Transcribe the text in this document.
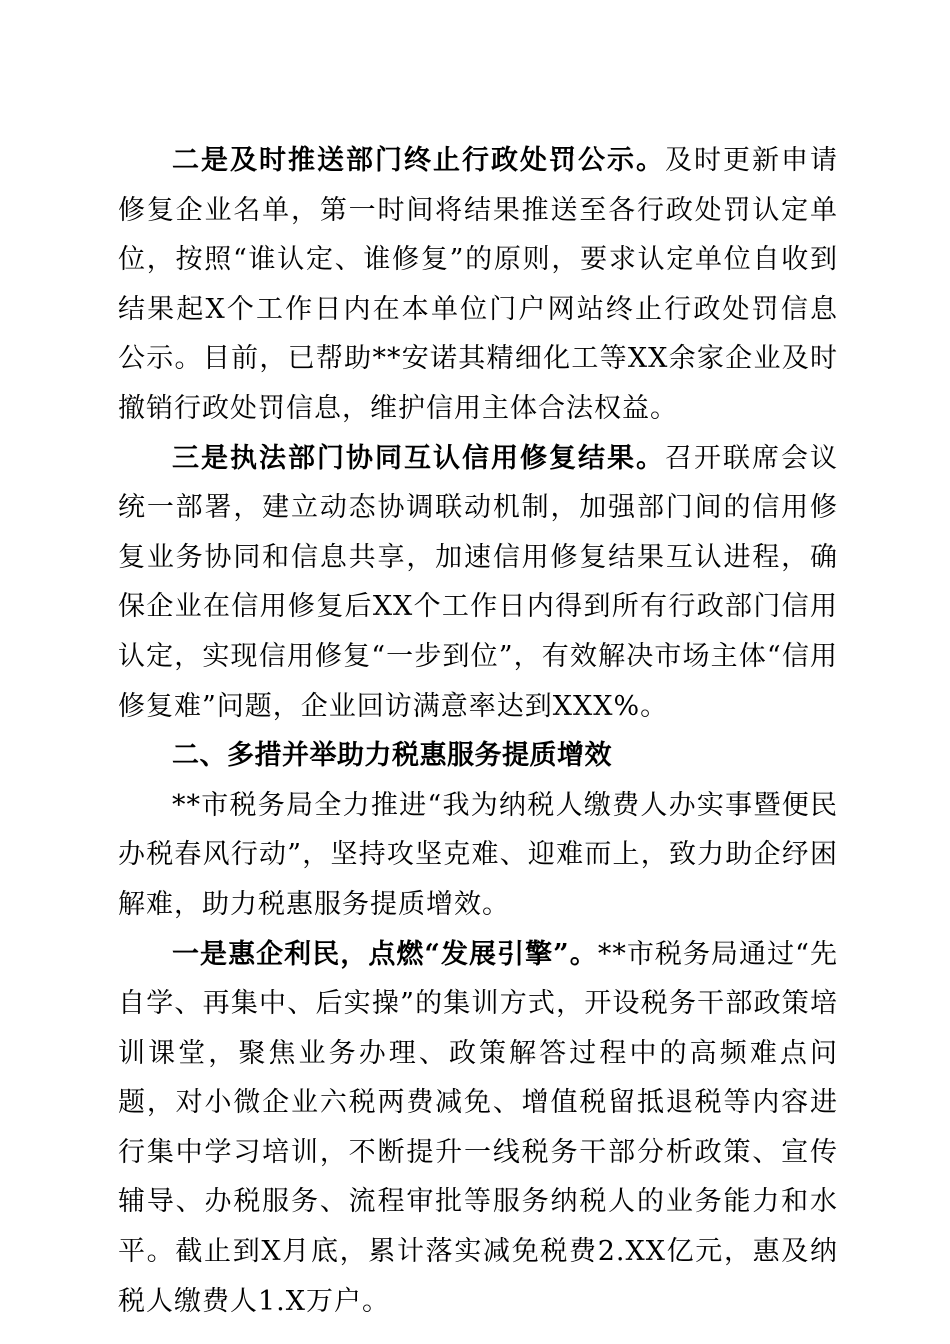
二是及时推送部门终止行政处罚公示。及时更新申请修复企业名单，第一时间将结果推送至各行政处罚认定单位，按照“谁认定、谁修复”的原则，要求认定单位自收到结果起X个工作日内在本单位门户网站终止行政处罚信息公示。目前，已帮助**安诺其精细化工等XX余家企业及时撤销行政处罚信息，维护信用主体合法权益。

三是执法部门协同互认信用修复结果。召开联席会议统一部署，建立动态协调联动机制，加强部门间的信用修复业务协同和信息共享，加速信用修复结果互认进程，确保企业在信用修复后XX个工作日内得到所有行政部门信用认定，实现信用修复“一步到位”，有效解决市场主体“信用修复难”问题，企业回访满意率达到XXX%。

二、多措并举助力税惠服务提质增效

**市税务局全力推进“我为纳税人缴费人办实事暨便民办税春风行动”，坚持攻坚克难、迎难而上，致力助企纾困解难，助力税惠服务提质增效。

一是惠企利民，点燃“发展引擎”。**市税务局通过“先自学、再集中、后实操”的集训方式，开设税务干部政策培训课堂，聚焦业务办理、政策解答过程中的高频难点问题，对小微企业六税两费减免、增值税留抵退税等内容进行集中学习培训，不断提升一线税务干部分析政策、宣传辅导、办税服务、流程审批等服务纳税人的业务能力和水平。截止到X月底，累计落实减免税费2.XX亿元，惠及纳税人缴费人1.X万户。
